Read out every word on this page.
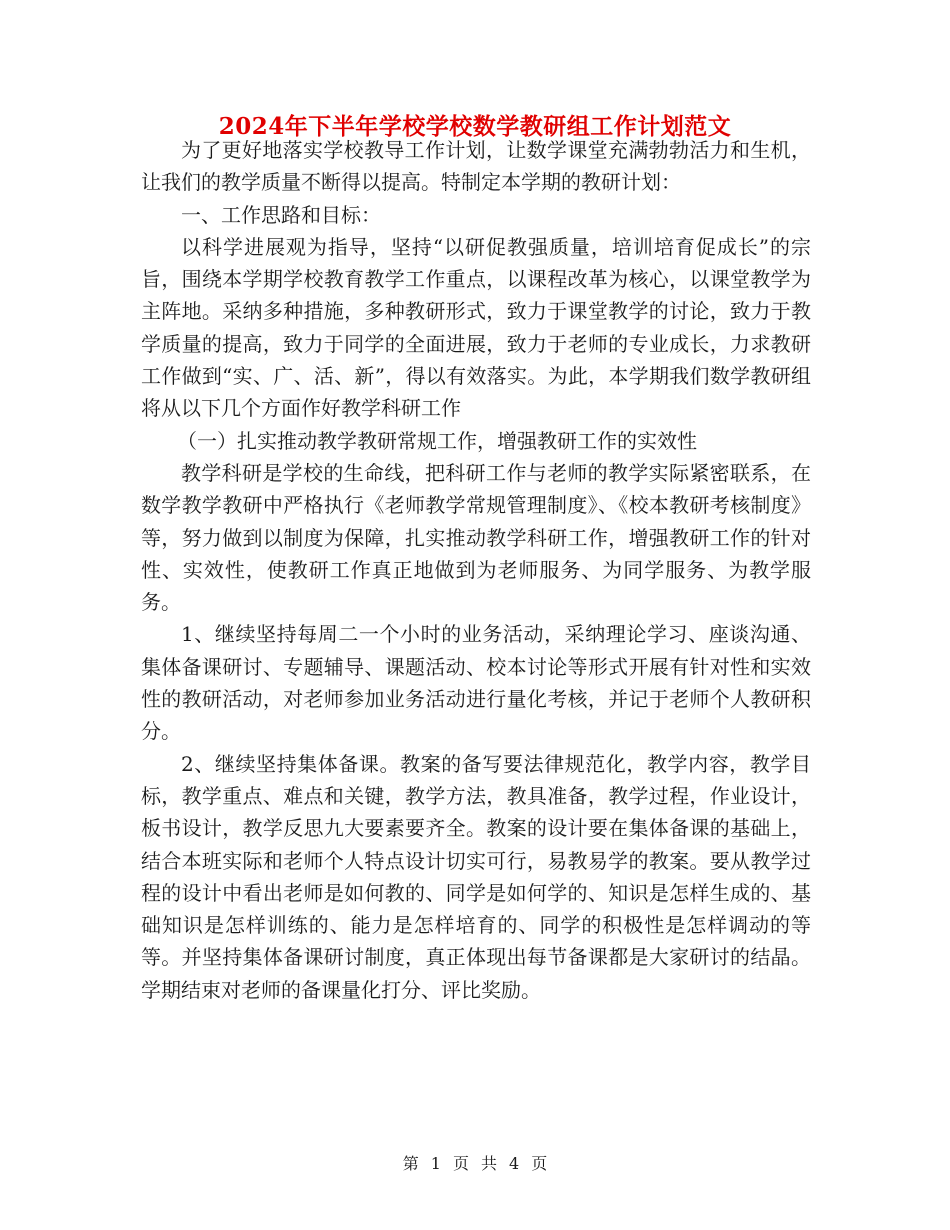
2024年下半年学校学校数学教研组工作计划范文

为了更好地落实学校教导工作计划，让数学课堂充满勃勃活力和生机，让我们的教学质量不断得以提高。特制定本学期的教研计划：

一、工作思路和目标：

以科学进展观为指导，坚持“以研促教强质量，培训培育促成长”的宗旨，围绕本学期学校教育教学工作重点，以课程改革为核心，以课堂教学为主阵地。采纳多种措施，多种教研形式，致力于课堂教学的讨论，致力于教学质量的提高，致力于同学的全面进展，致力于老师的专业成长，力求教研工作做到“实、广、活、新”，得以有效落实。为此，本学期我们数学教研组将从以下几个方面作好教学科研工作

（一）扎实推动教学教研常规工作，增强教研工作的实效性

教学科研是学校的生命线，把科研工作与老师的教学实际紧密联系，在数学教学教研中严格执行《老师教学常规管理制度》、《校本教研考核制度》等，努力做到以制度为保障，扎实推动教学科研工作，增强教研工作的针对性、实效性，使教研工作真正地做到为老师服务、为同学服务、为教学服务。

1、继续坚持每周二一个小时的业务活动，采纳理论学习、座谈沟通、集体备课研讨、专题辅导、课题活动、校本讨论等形式开展有针对性和实效性的教研活动，对老师参加业务活动进行量化考核，并记于老师个人教研积分。

2、继续坚持集体备课。教案的备写要法律规范化，教学内容，教学目标，教学重点、难点和关键，教学方法，教具准备，教学过程，作业设计，板书设计，教学反思九大要素要齐全。教案的设计要在集体备课的基础上，结合本班实际和老师个人特点设计切实可行，易教易学的教案。要从教学过程的设计中看出老师是如何教的、同学是如何学的、知识是怎样生成的、基础知识是怎样训练的、能力是怎样培育的、同学的积极性是怎样调动的等等。并坚持集体备课研讨制度，真正体现出每节备课都是大家研讨的结晶。学期结束对老师的备课量化打分、评比奖励。

第 1 页 共 4 页
